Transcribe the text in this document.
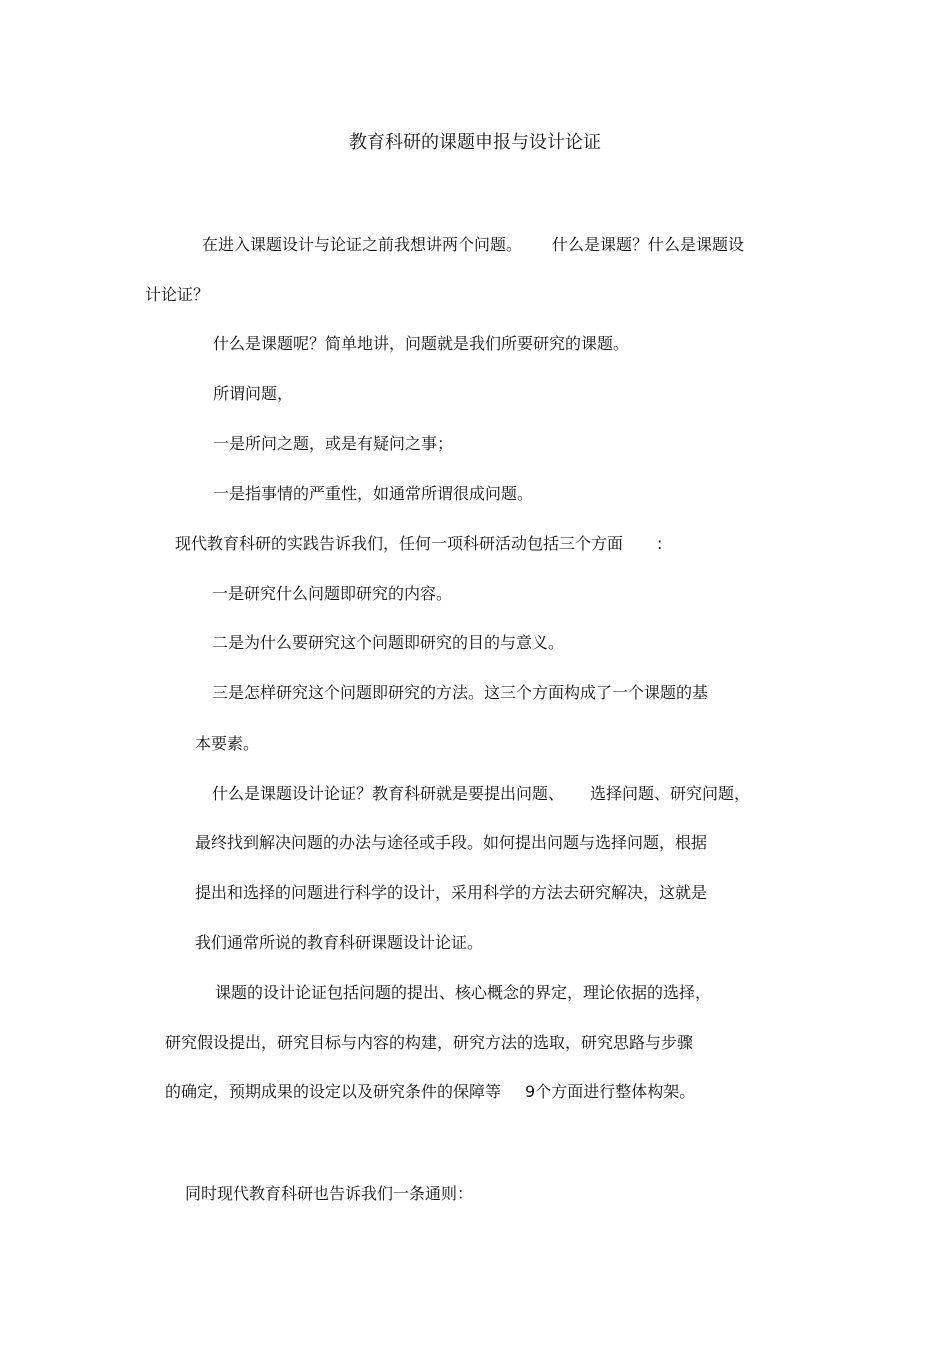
教育科研的课题申报与设计论证
在进入课题设计与论证之前我想讲两个问题。 什么是课题？什么是课题设
计论证？
什么是课题呢？简单地讲，问题就是我们所要研究的课题。
所谓问题，
一是所问之题，或是有疑问之事；
一是指事情的严重性，如通常所谓很成问题。
现代教育科研的实践告诉我们，任何一项科研活动包括三个方面 :
一是研究什么问题即研究的内容。
二是为什么要研究这个问题即研究的目的与意义。
三是怎样研究这个问题即研究的方法。这三个方面构成了一个课题的基
本要素。
什么是课题设计论证？教育科研就是要提出问题、 选择问题、研究问题，
最终找到解决问题的办法与途径或手段。如何提出问题与选择问题，根据
提出和选择的问题进行科学的设计，采用科学的方法去研究解决，这就是
我们通常所说的教育科研课题设计论证。
课题的设计论证包括问题的提出、核心概念的界定，理论依据的选择，
研究假设提出，研究目标与内容的构建，研究方法的选取，研究思路与步骤
的确定，预期成果的设定以及研究条件的保障等 9个方面进行整体构架。
同时现代教育科研也告诉我们一条通则：
